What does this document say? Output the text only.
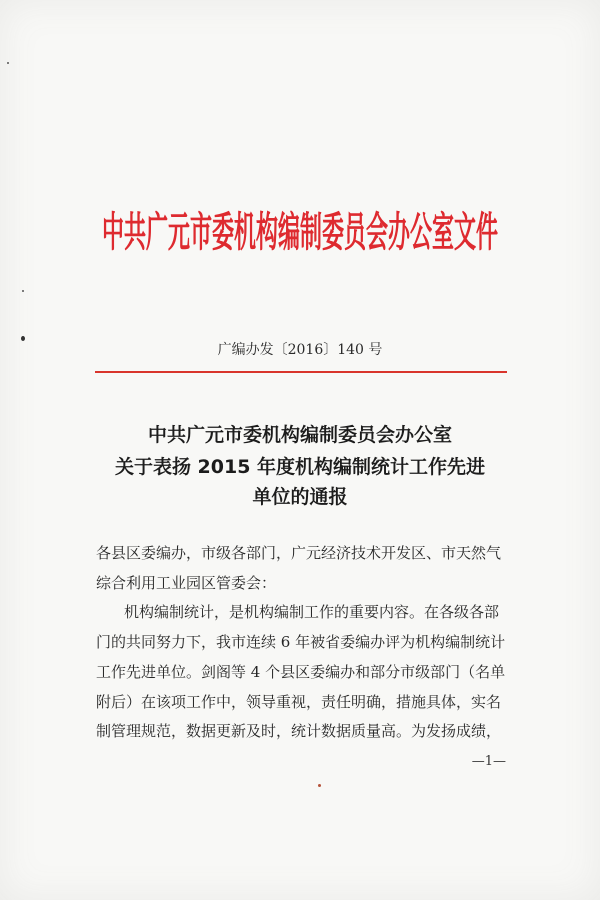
中共广元市委机构编制委员会办公室文件
广编办发〔2016〕140 号
中共广元市委机构编制委员会办公室
关于表扬 2015 年度机构编制统计工作先进
单位的通报
各县区委编办，市级各部门，广元经济技术开发区、市天然气
综合利用工业园区管委会：
机构编制统计，是机构编制工作的重要内容。在各级各部
门的共同努力下，我市连续 6 年被省委编办评为机构编制统计
工作先进单位。剑阁等 4 个县区委编办和部分市级部门（名单
附后）在该项工作中，领导重视，责任明确，措施具体，实名
制管理规范，数据更新及时，统计数据质量高。为发扬成绩，
—1—
